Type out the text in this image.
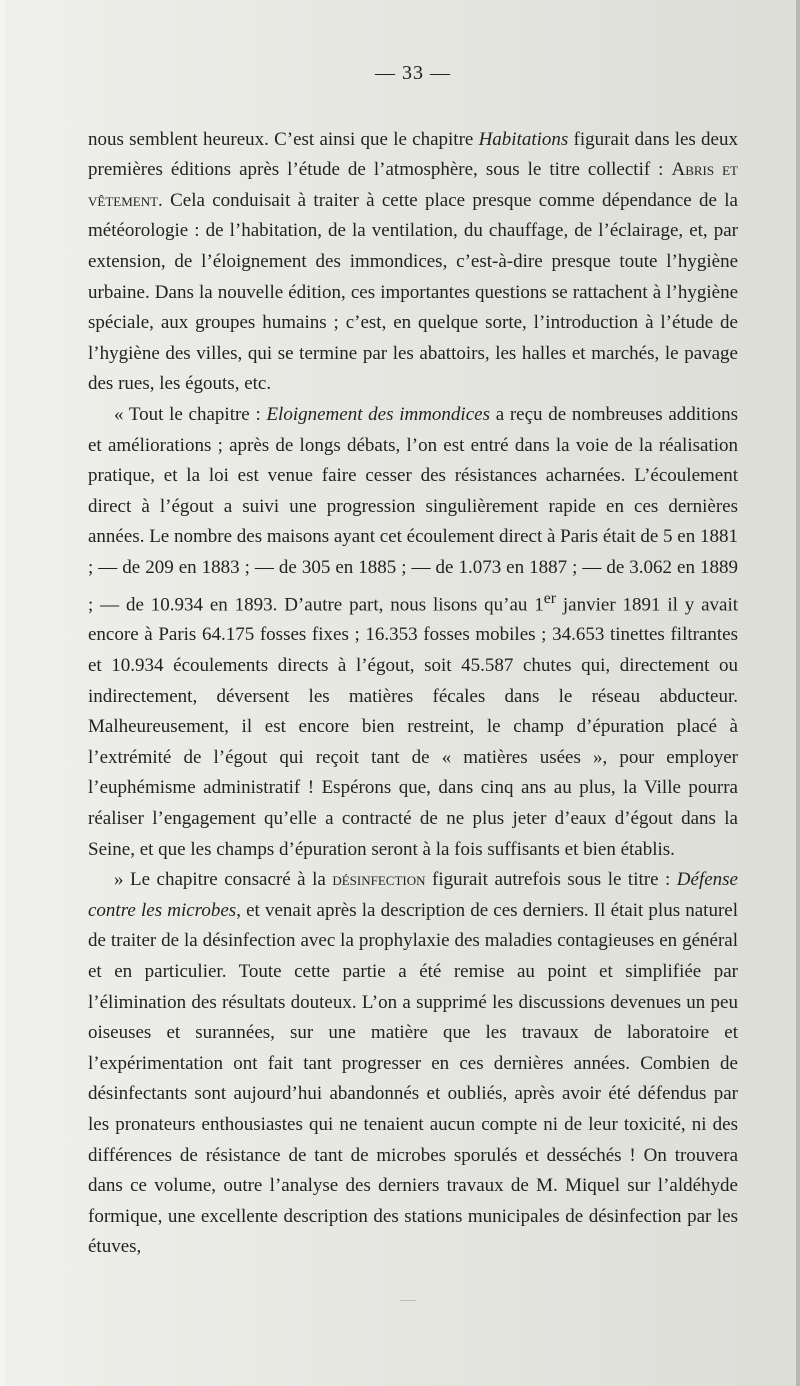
— 33 —

nous semblent heureux. C’est ainsi que le chapitre Habitations figurait dans les deux premières éditions après l’étude de l’atmosphère, sous le titre collectif : Abris et vêtement. Cela conduisait à traiter à cette place presque comme dépendance de la météorologie : de l’habitation, de la ventilation, du chauffage, de l’éclairage, et, par extension, de l’éloignement des immondices, c’est-à-dire presque toute l’hygiène urbaine. Dans la nouvelle édition, ces importantes questions se rattachent à l’hygiène spéciale, aux groupes humains ; c’est, en quelque sorte, l’introduction à l’étude de l’hygiène des villes, qui se termine par les abattoirs, les halles et marchés, le pavage des rues, les égouts, etc.

« Tout le chapitre : Eloignement des immondices a reçu de nombreuses additions et améliorations ; après de longs débats, l’on est entré dans la voie de la réalisation pratique, et la loi est venue faire cesser des résistances acharnées. L’écoulement direct à l’égout a suivi une progression singulièrement rapide en ces dernières années. Le nombre des maisons ayant cet écoulement direct à Paris était de 5 en 1881 ; — de 209 en 1883 ; — de 305 en 1885 ; — de 1.073 en 1887 ; — de 3.062 en 1889 ; — de 10.934 en 1893. D’autre part, nous lisons qu’au 1er janvier 1891 il y avait encore à Paris 64.175 fosses fixes ; 16.353 fosses mobiles ; 34.653 tinettes filtrantes et 10.934 écoulements directs à l’égout, soit 45.587 chutes qui, directement ou indirectement, déversent les matières fécales dans le réseau abducteur. Malheureusement, il est encore bien restreint, le champ d’épuration placé à l’extrémité de l’égout qui reçoit tant de « matières usées », pour employer l’euphémisme administratif ! Espérons que, dans cinq ans au plus, la Ville pourra réaliser l’engagement qu’elle a contracté de ne plus jeter d’eaux d’égout dans la Seine, et que les champs d’épuration seront à la fois suffisants et bien établis.

» Le chapitre consacré à la désinfection figurait autrefois sous le titre : Défense contre les microbes, et venait après la description de ces derniers. Il était plus naturel de traiter de la désinfection avec la prophylaxie des maladies contagieuses en général et en particulier. Toute cette partie a été remise au point et simplifiée par l’élimination des résultats douteux. L’on a supprimé les discussions devenues un peu oiseuses et surannées, sur une matière que les travaux de laboratoire et l’expérimentation ont fait tant progresser en ces dernières années. Combien de désinfectants sont aujourd’hui abandonnés et oubliés, après avoir été défendus par les pronateurs enthousiastes qui ne tenaient aucun compte ni de leur toxicité, ni des différences de résistance de tant de microbes sporulés et desséchés ! On trouvera dans ce volume, outre l’analyse des derniers travaux de M. Miquel sur l’aldéhyde formique, une excellente description des stations municipales de désinfection par les étuves,
